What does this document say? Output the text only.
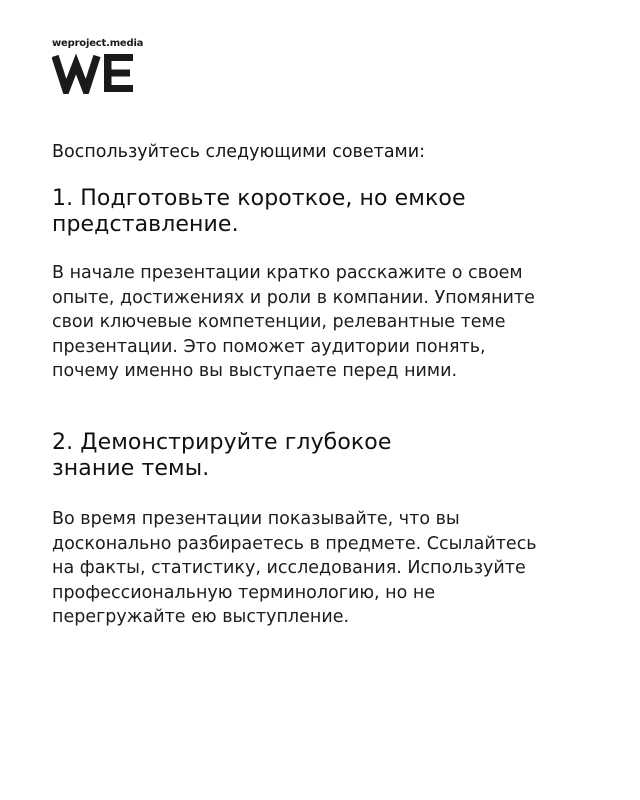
weproject.media

Воспользуйтесь следующими советами:

1. Подготовьте короткое, но емкое
представление.
В начале презентации кратко расскажите о своем
опыте, достижениях и роли в компании. Упомяните
свои ключевые компетенции, релевантные теме
презентации. Это поможет аудитории понять,
почему именно вы выступаете перед ними.
2. Демонстрируйте глубокое
знание темы.
Во время презентации показывайте, что вы
досконально разбираетесь в предмете. Ссылайтесь
на факты, статистику, исследования. Используйте
профессиональную терминологию, но не
перегружайте ею выступление.
